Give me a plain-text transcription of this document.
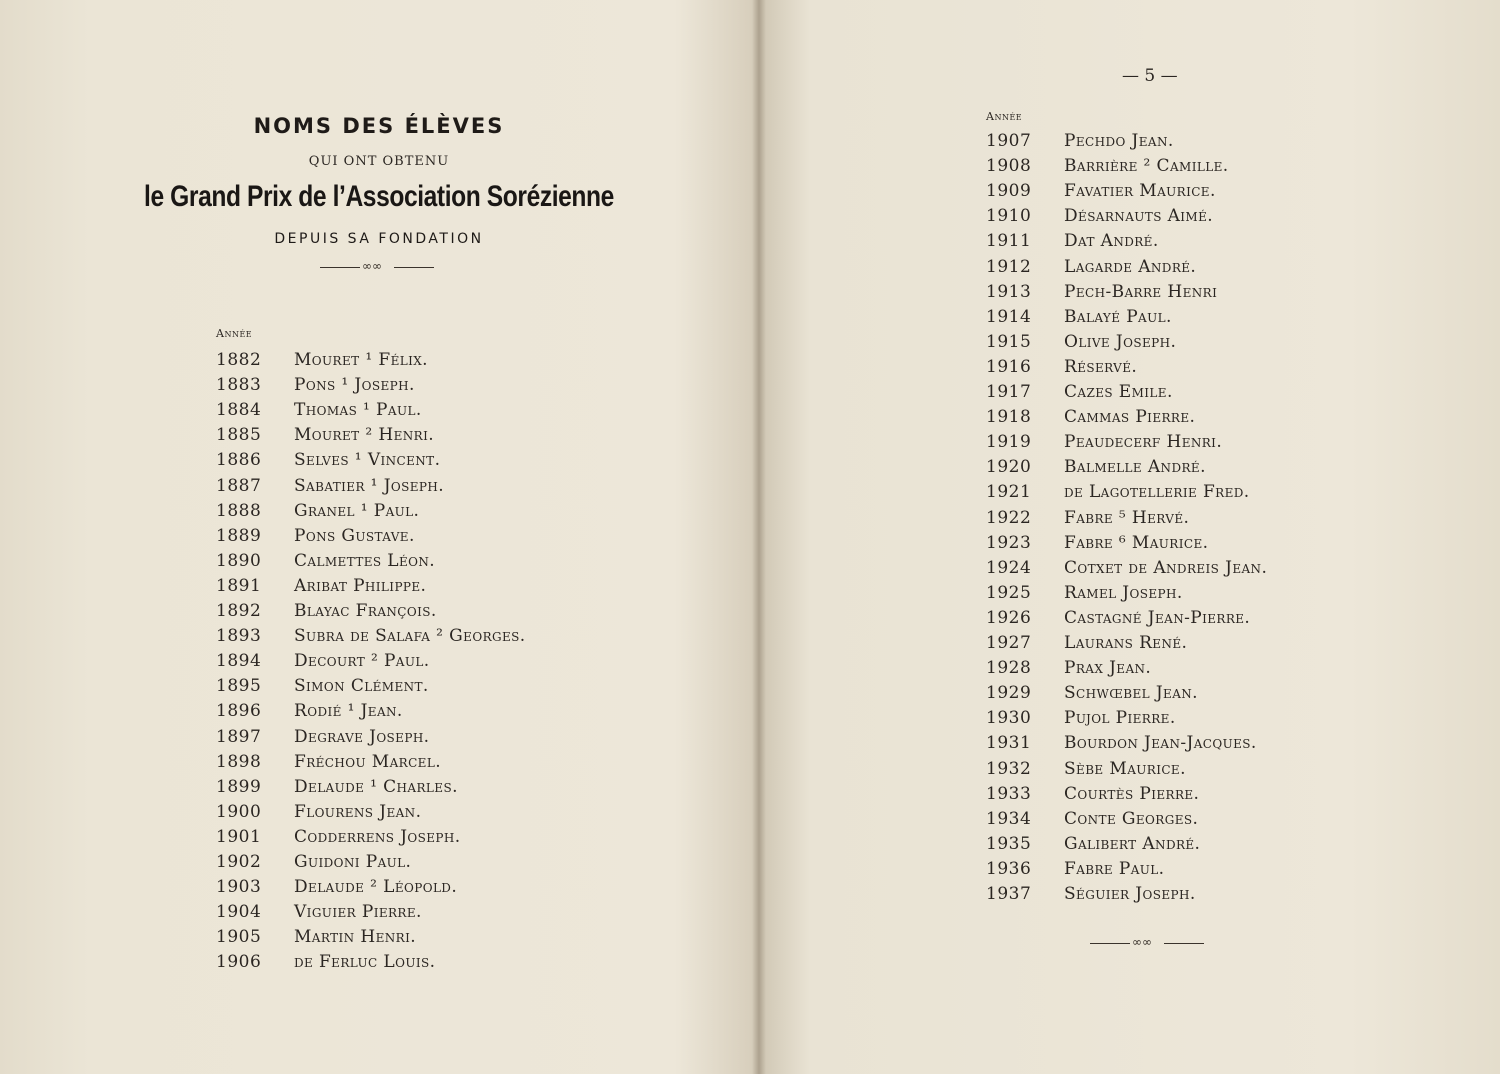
NOMS DES ÉLÈVES
QUI ONT OBTENU
le Grand Prix de l’Association Sorézienne
DEPUIS SA FONDATION
∞∞
Année
1882	Mouret ¹ Félix.
1883	Pons ¹ Joseph.
1884	Thomas ¹ Paul.
1885	Mouret ² Henri.
1886	Selves ¹ Vincent.
1887	Sabatier ¹ Joseph.
1888	Granel ¹ Paul.
1889	Pons Gustave.
1890	Calmettes Léon.
1891	Aribat Philippe.
1892	Blayac François.
1893	Subra de Salafa ² Georges.
1894	Decourt ² Paul.
1895	Simon Clément.
1896	Rodié ¹ Jean.
1897	Degrave Joseph.
1898	Fréchou Marcel.
1899	Delaude ¹ Charles.
1900	Flourens Jean.
1901	Codderrens Joseph.
1902	Guidoni Paul.
1903	Delaude ² Léopold.
1904	Viguier Pierre.
1905	Martin Henri.
1906	de Ferluc Louis.
— 5 —
Année
1907	Pechdo Jean.
1908	Barrière ² Camille.
1909	Favatier Maurice.
1910	Désarnauts Aimé.
1911	Dat André.
1912	Lagarde André.
1913	Pech-Barre Henri
1914	Balayé Paul.
1915	Olive Joseph.
1916	Réservé.
1917	Cazes Emile.
1918	Cammas Pierre.
1919	Peaudecerf Henri.
1920	Balmelle André.
1921	de Lagotellerie Fred.
1922	Fabre ⁵ Hervé.
1923	Fabre ⁶ Maurice.
1924	Cotxet de Andreis Jean.
1925	Ramel Joseph.
1926	Castagné Jean-Pierre.
1927	Laurans René.
1928	Prax Jean.
1929	Schwœbel Jean.
1930	Pujol Pierre.
1931	Bourdon Jean-Jacques.
1932	Sèbe Maurice.
1933	Courtès Pierre.
1934	Conte Georges.
1935	Galibert André.
1936	Fabre Paul.
1937	Séguier Joseph.
∞∞
